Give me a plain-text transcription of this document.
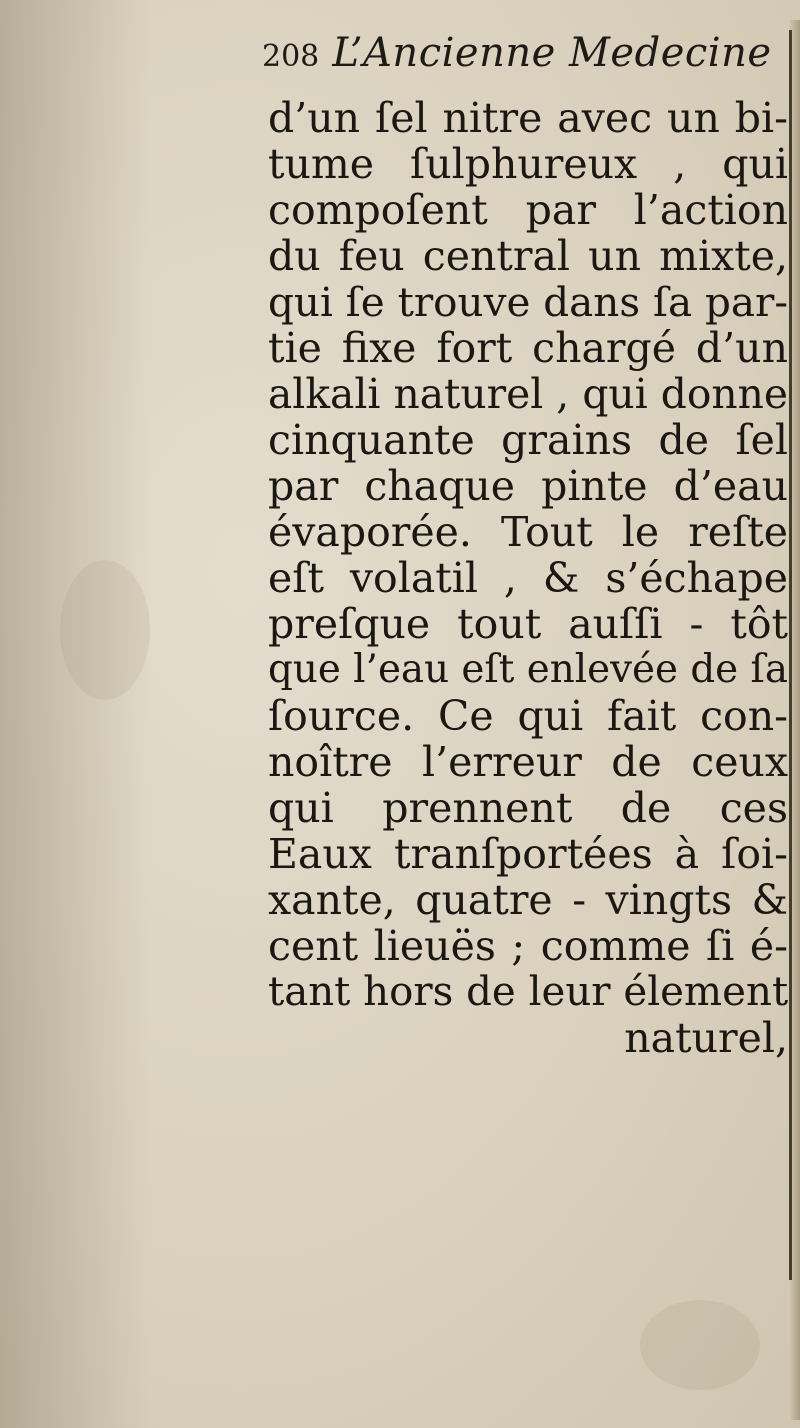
208 L’Ancienne Medecine
d’un ſel nitre avec un bi-
tume ſulphureux , qui
compoſent par l’action
du feu central un mixte,
qui ſe trouve dans ſa par-
tie fixe fort chargé d’un
alkali naturel , qui donne
cinquante grains de ſel
par chaque pinte d’eau
évaporée. Tout le reſte
eſt volatil , & s’échape
preſque tout auſſi - tôt
que l’eau eſt enlevée de ſa
ſource. Ce qui fait con-
noître l’erreur de ceux
qui prennent de ces
Eaux tranſportées à ſoi-
xante, quatre - vingts &
cent lieuës ; comme ſi é-
tant hors de leur élement
naturel,
